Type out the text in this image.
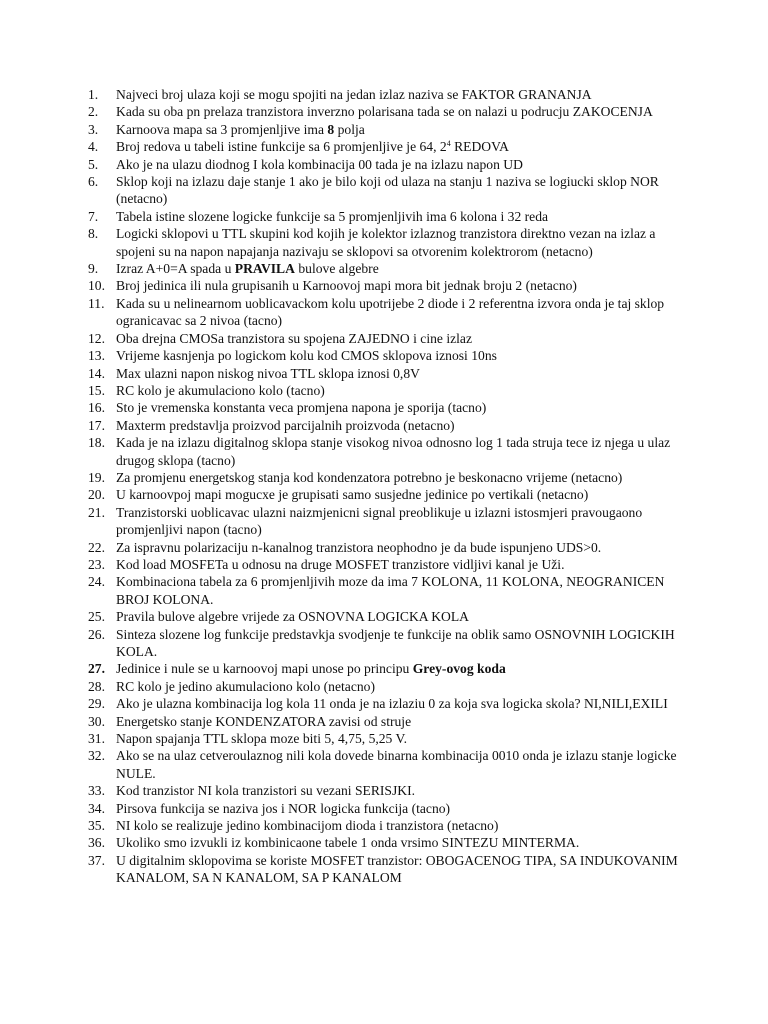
1.	Najveci broj ulaza koji se mogu spojiti na jedan izlaz naziva se FAKTOR GRANANJA
2.	Kada su oba pn prelaza tranzistora inverzno polarisana tada se on nalazi u podrucju ZAKOCENJA
3.	Karnoova mapa sa 3 promjenljive ima 8 polja
4.	Broj redova u tabeli istine funkcije sa 6 promjenljive je 64, $2^4$ REDOVA
5.	Ako je na ulazu diodnog I kola kombinacija 00 tada je na izlazu napon UD
6.	Sklop koji na izlazu daje stanje 1 ako je bilo koji od ulaza na stanju 1 naziva se logiucki sklop NOR (netacno)
7.	Tabela istine slozene logicke funkcije sa 5 promjenljivih ima 6 kolona i 32 reda
8.	Logicki sklopovi u TTL skupini kod kojih je kolektor izlaznog tranzistora direktno vezan na izlaz a spojeni su na napon napajanja nazivaju se sklopovi sa otvorenim kolektrorom (netacno)
9.	Izraz A+0=A spada u PRAVILA bulove algebre
10. Broj jedinica ili nula grupisanih u Karnoovoj mapi mora bit jednak broju 2 (netacno)
11. Kada su u nelinearnom uoblicavackom kolu upotrijebe 2 diode i 2 referentna izvora onda je taj sklop ogranicavac sa 2 nivoa (tacno)
12. Oba drejna CMOSa tranzistora su spojena ZAJEDNO i cine izlaz
13. Vrijeme kasnjenja po logickom kolu kod CMOS sklopova iznosi 10ns
14. Max ulazni napon niskog nivoa TTL sklopa iznosi 0,8V
15. RC kolo je akumulaciono kolo (tacno)
16. Sto je vremenska konstanta veca promjena napona je sporija (tacno)
17. Maxterm predstavlja proizvod parcijalnih proizvoda (netacno)
18. Kada je na izlazu digitalnog sklopa stanje visokog nivoa odnosno log 1 tada struja tece iz njega u ulaz drugog sklopa (tacno)
19. Za promjenu energetskog stanja kod kondenzatora potrebno je beskonacno vrijeme (netacno)
20. U karnoovpoj mapi mogucxe je grupisati samo susjedne jedinice po vertikali (netacno)
21. Tranzistorski uoblicavac ulazni naizmjenicni signal preoblikuje u izlazni istosmjeri pravougaono promjenljivi napon (tacno)
22. Za ispravnu polarizaciju n-kanalnog tranzistora neophodno je da bude ispunjeno UDS>0.
23. Kod load MOSFETa u odnosu na druge MOSFET tranzistore vidljivi kanal je Uži.
24. Kombinaciona tabela za 6 promjenljivih moze da ima 7 KOLONA, 11 KOLONA, NEOGRANICEN BROJ KOLONA.
25. Pravila bulove algebre vrijede za OSNOVNA LOGICKA KOLA
26. Sinteza slozene log funkcije predstavkja svodjenje te funkcije na oblik samo OSNOVNIH LOGICKIH KOLA.
27. Jedinice i nule se u karnoovoj mapi unose po principu Grey-ovog koda
28. RC kolo je jedino akumulaciono kolo (netacno)
29. Ako je ulazna kombinacija log kola 11 onda je na izlaziu 0 za koja sva logicka skola? NI,NILI,EXILI
30. Energetsko stanje KONDENZATORA zavisi od struje
31. Napon spajanja TTL sklopa moze biti 5, 4,75, 5,25 V.
32. Ako se na ulaz cetveroulaznog nili kola dovede binarna kombinacija 0010 onda je izlazu stanje logicke NULE.
33. Kod tranzistor NI kola tranzistori su vezani SERISJKI.
34. Pirsova funkcija se naziva jos i NOR logicka funkcija (tacno)
35. NI kolo se realizuje jedino kombinacijom dioda i tranzistora (netacno)
36. Ukoliko smo izvukli iz kombinicaone tabele 1 onda vrsimo SINTEZU MINTERMA.
37. U digitalnim sklopovima se koriste MOSFET tranzistor: OBOGACENOG TIPA, SA INDUKOVANIM KANALOM, SA N KANALOM, SA P KANALOM
